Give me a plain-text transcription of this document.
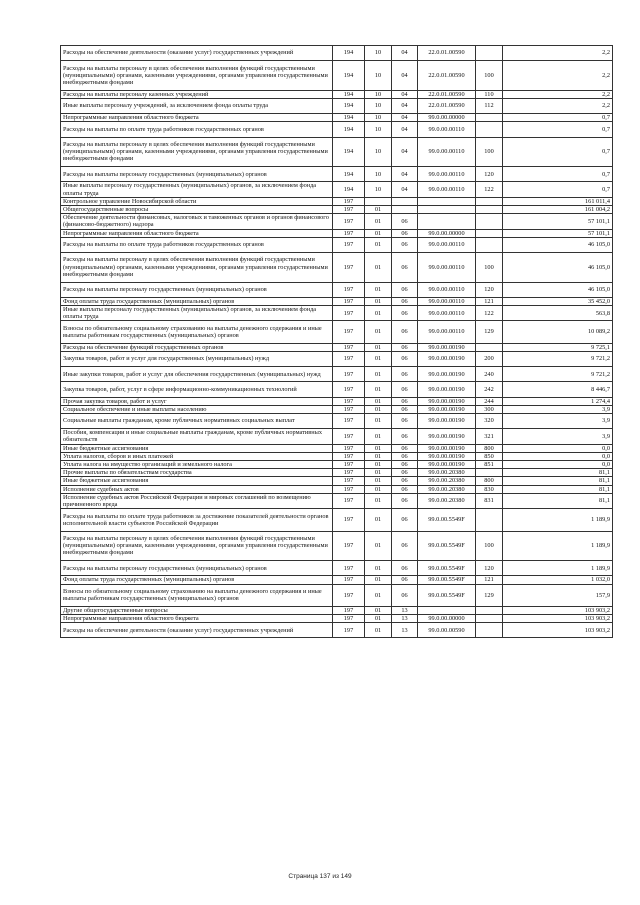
Расходы на обеспечение деятельности (оказание услуг) государственных учреждений	194	10	04	22.0.01.00590		2,2
Расходы на выплаты персоналу в целях обеспечения выполнения функций государственными (муниципальными) органами, казенными учреждениями, органами управления государственными внебюджетными фондами	194	10	04	22.0.01.00590	100	2,2
Расходы на выплаты персоналу казенных учреждений	194	10	04	22.0.01.00590	110	2,2
Иные выплаты персоналу учреждений, за исключением фонда оплаты труда	194	10	04	22.0.01.00590	112	2,2
Непрограммные направления областного бюджета	194	10	04	99.0.00.00000		0,7
Расходы на выплаты по оплате труда работников государственных органов	194	10	04	99.0.00.00110		0,7
Расходы на выплаты персоналу в целях обеспечения выполнения функций государственными (муниципальными) органами, казенными учреждениями, органами управления государственными внебюджетными фондами	194	10	04	99.0.00.00110	100	0,7
Расходы на выплаты персоналу государственных (муниципальных) органов	194	10	04	99.0.00.00110	120	0,7
Иные выплаты персоналу государственных (муниципальных) органов, за исключением фонда оплаты труда	194	10	04	99.0.00.00110	122	0,7
Контрольное управление Новосибирской области	197					161 011,4
Общегосударственные вопросы	197	01				161 004,2
Обеспечение деятельности финансовых, налоговых и таможенных органов и органов финансового (финансово-бюджетного) надзора	197	01	06			57 101,1
Непрограммные направления областного бюджета	197	01	06	99.0.00.00000		57 101,1
Расходы на выплаты по оплате труда работников государственных органов	197	01	06	99.0.00.00110		46 105,0
Расходы на выплаты персоналу в целях обеспечения выполнения функций государственными (муниципальными) органами, казенными учреждениями, органами управления государственными внебюджетными фондами	197	01	06	99.0.00.00110	100	46 105,0
Расходы на выплаты персоналу государственных (муниципальных) органов	197	01	06	99.0.00.00110	120	46 105,0
Фонд оплаты труда государственных (муниципальных) органов	197	01	06	99.0.00.00110	121	35 452,0
Иные выплаты персоналу государственных (муниципальных) органов, за исключением фонда оплаты труда	197	01	06	99.0.00.00110	122	563,8
Взносы по обязательному социальному страхованию на выплаты денежного содержания и иные выплаты работникам государственных (муниципальных) органов	197	01	06	99.0.00.00110	129	10 089,2
Расходы на обеспечение функций государственных органов	197	01	06	99.0.00.00190		9 725,1
Закупка товаров, работ и услуг для государственных (муниципальных) нужд	197	01	06	99.0.00.00190	200	9 721,2
Иные закупки товаров, работ и услуг для обеспечения государственных (муниципальных) нужд	197	01	06	99.0.00.00190	240	9 721,2
Закупка товаров, работ, услуг в сфере информационно-коммуникационных технологий	197	01	06	99.0.00.00190	242	8 446,7
Прочая закупка товаров, работ и услуг	197	01	06	99.0.00.00190	244	1 274,4
Социальное обеспечение и иные выплаты населению	197	01	06	99.0.00.00190	300	3,9
Социальные выплаты гражданам, кроме публичных нормативных социальных выплат	197	01	06	99.0.00.00190	320	3,9
Пособия, компенсации и иные социальные выплаты гражданам, кроме публичных нормативных обязательств	197	01	06	99.0.00.00190	321	3,9
Иные бюджетные ассигнования	197	01	06	99.0.00.00190	800	0,0
Уплата налогов, сборов и иных платежей	197	01	06	99.0.00.00190	850	0,0
Уплата налога на имущество организаций и земельного налога	197	01	06	99.0.00.00190	851	0,0
Прочие выплаты по обязательствам государства	197	01	06	99.0.00.20380		81,1
Иные бюджетные ассигнования	197	01	06	99.0.00.20380	800	81,1
Исполнение судебных актов	197	01	06	99.0.00.20380	830	81,1
Исполнение судебных актов Российской Федерации и мировых соглашений по возмещению причиненного вреда	197	01	06	99.0.00.20380	831	81,1
Расходы на выплаты по оплате труда работников за достижение показателей деятельности органов исполнительной власти субъектов Российской Федерации	197	01	06	99.0.00.5549F		1 189,9
Расходы на выплаты персоналу в целях обеспечения выполнения функций государственными (муниципальными) органами, казенными учреждениями, органами управления государственными внебюджетными фондами	197	01	06	99.0.00.5549F	100	1 189,9
Расходы на выплаты персоналу государственных (муниципальных) органов	197	01	06	99.0.00.5549F	120	1 189,9
Фонд оплаты труда государственных (муниципальных) органов	197	01	06	99.0.00.5549F	121	1 032,0
Взносы по обязательному социальному страхованию на выплаты денежного содержания и иные выплаты работникам государственных (муниципальных) органов	197	01	06	99.0.00.5549F	129	157,9
Другие общегосударственные вопросы	197	01	13			103 903,2
Непрограммные направления областного бюджета	197	01	13	99.0.00.00000		103 903,2
Расходы на обеспечение деятельности (оказание услуг) государственных учреждений	197	01	13	99.0.00.00590		103 903,2
Страница 137 из 149
